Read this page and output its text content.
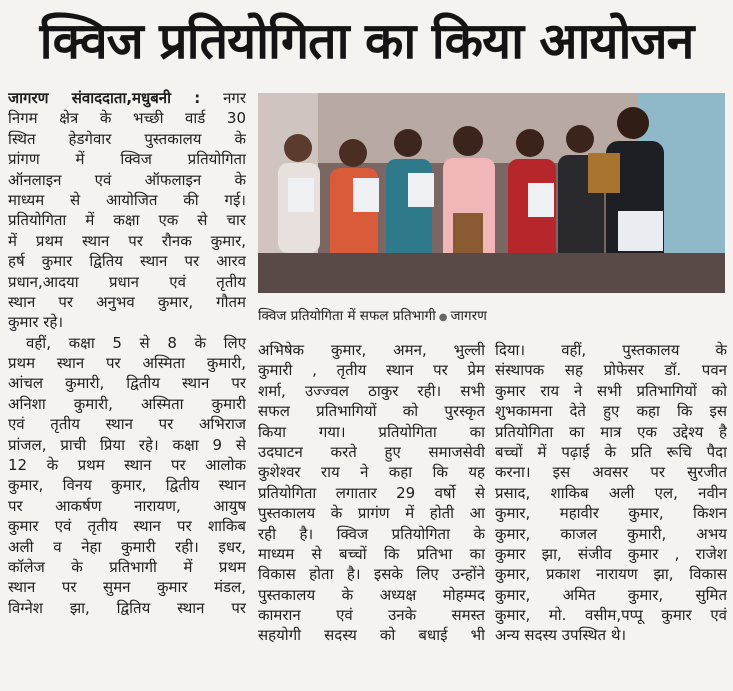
क्विज प्रतियोगिता का किया आयोजन
जागरण संवाददाता,मधुबनी : नगर
निगम क्षेत्र के भच्छी वार्ड 30
स्थित हेडगेवार पुस्तकालय के
प्रांगण में क्विज प्रतियोगिता
ऑनलाइन एवं ऑफलाइन के
माध्यम से आयोजित की गई।
प्रतियोगिता में कक्षा एक से चार
में प्रथम स्थान पर रौनक कुमार,
हर्ष कुमार द्वितिय स्थान पर आरव
प्रधान,आदया प्रधान एवं तृतीय
स्थान पर अनुभव कुमार, गौतम
कुमार रहे।
वहीं, कक्षा 5 से 8 के लिए
प्रथम स्थान पर अस्मिता कुमारी,
आंचल कुमारी, द्वितीय स्थान पर
अनिशा कुमारी, अस्मिता कुमारी
एवं तृतीय स्थान पर अभिराज
प्रांजल, प्राची प्रिया रहे। कक्षा 9 से
12 के प्रथम स्थान पर आलोक
कुमार, विनय कुमार, द्वितीय स्थान
पर आकर्षण नारायण, आयुष
कुमार एवं तृतीय स्थान पर शाकिब
अली व नेहा कुमारी रही। इधर,
कॉलेज के प्रतिभागी में प्रथम
स्थान पर सुमन कुमार मंडल,
विग्नेश झा, द्वितिय स्थान पर
क्विज प्रतियोगिता में सफल प्रतिभागी ● जागरण
अभिषेक कुमार, अमन, भुल्ली
कुमारी , तृतीय स्थान पर प्रेम
शर्मा, उज्ज्वल ठाकुर रही। सभी
सफल प्रतिभागियों को पुरस्कृत
किया गया। प्रतियोगिता का
उदघाटन करते हुए समाजसेवी
कुशेश्वर राय ने कहा कि यह
प्रतियोगिता लगातार 29 वर्षो से
पुस्तकालय के प्रागंण में होती आ
रही है। क्विज प्रतियोगिता के
माध्यम से बच्चों कि प्रतिभा का
विकास होता है। इसके लिए उन्होंने
पुस्तकालय के अध्यक्ष मोहम्मद
कामरान एवं उनके समस्त
सहयोगी सदस्य को बधाई भी
दिया। वहीं, पुस्तकालय के
संस्थापक सह प्रोफेसर डॉ. पवन
कुमार राय ने सभी प्रतिभागियों को
शुभकामना देते हुए कहा कि इस
प्रतियोगिता का मात्र एक उद्देश्य है
बच्चों में पढ़ाई के प्रति रूचि पैदा
करना। इस अवसर पर सुरजीत
प्रसाद, शाकिब अली एल, नवीन
कुमार, महावीर कुमार, किशन
कुमार, काजल कुमारी, अभय
कुमार झा, संजीव कुमार , राजेश
कुमार, प्रकाश नारायण झा, विकास
कुमार, अमित कुमार, सुमित
कुमार, मो. वसीम,पप्पू कुमार एवं
अन्य सदस्य उपस्थित थे।
